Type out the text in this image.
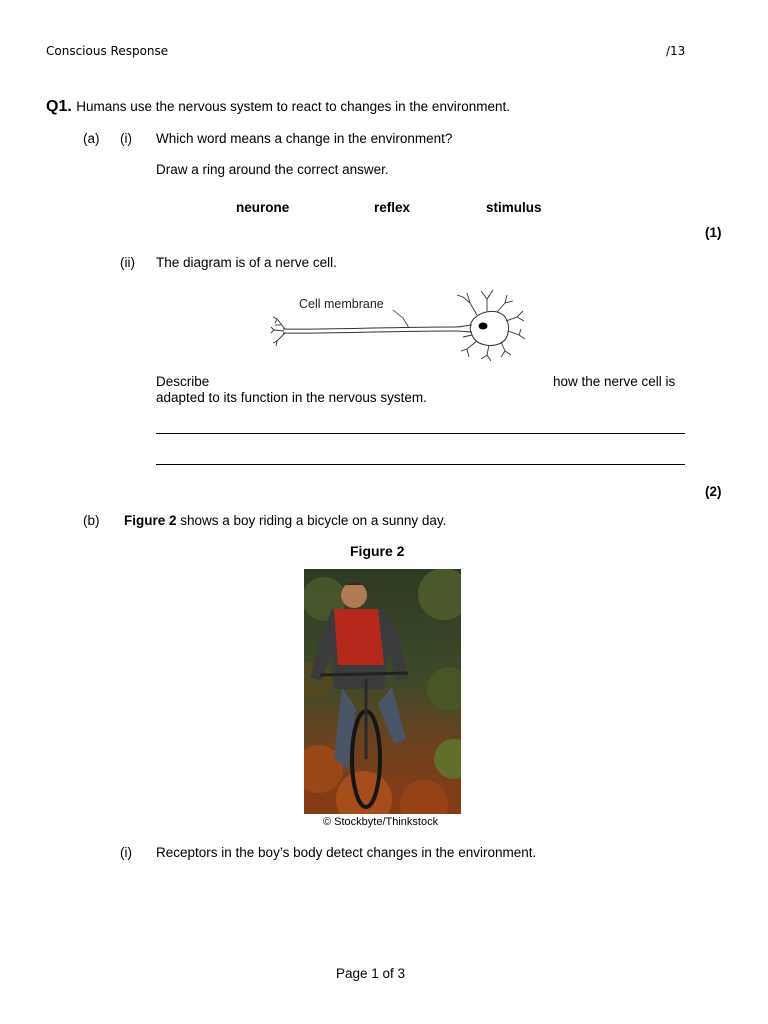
Conscious Response	/13
Q1. Humans use the nervous system to react to changes in the environment.
(a) (i) Which word means a change in the environment?
Draw a ring around the correct answer.
neurone	reflex	stimulus
(1)
(ii) The diagram is of a nerve cell.
Cell membrane
Describe	how the nerve cell is
adapted to its function in the nervous system.
(2)
(b) Figure 2 shows a boy riding a bicycle on a sunny day.
Figure 2
© Stockbyte/Thinkstock
(i) Receptors in the boy’s body detect changes in the environment.
Page 1 of 3
